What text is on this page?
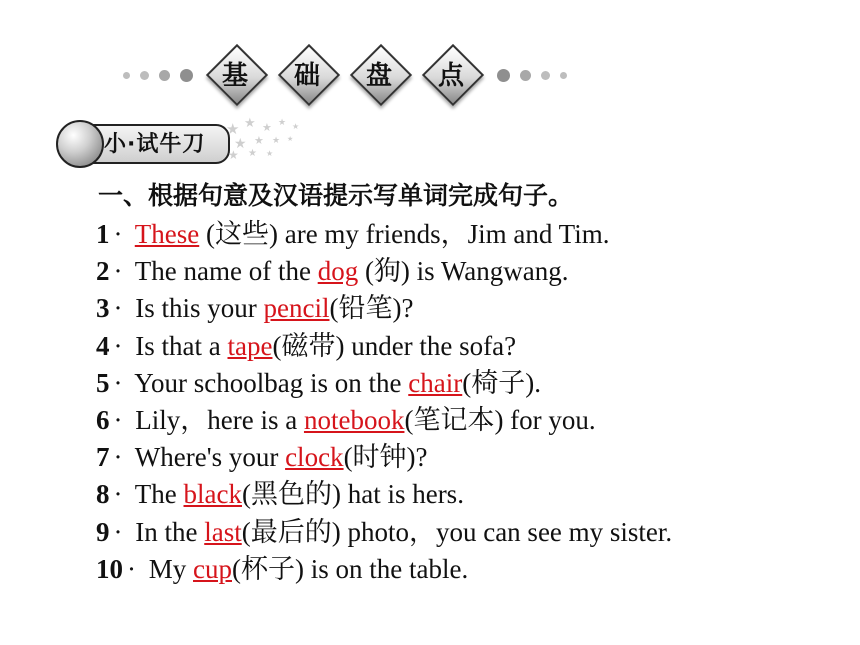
基	础	盘	点
小·试牛刀
★ ★ ★ ★ ★
★ ★ ★ ★
★ ★ ★
一、根据句意及汉语提示写单词完成句子。
1 · These (这些) are my friends，Jim and Tim.
2 · The name of the dog (狗) is Wangwang.
3 · Is this your pencil(铅笔)?
4 · Is that a tape(磁带) under the sofa?
5 · Your schoolbag is on the chair(椅子).
6 · Lily，here is a notebook(笔记本) for you.
7 · Where's your clock(时钟)?
8 · The black(黑色的) hat is hers.
9 · In the last(最后的) photo，you can see my sister.
10 · My cup(杯子) is on the table.
